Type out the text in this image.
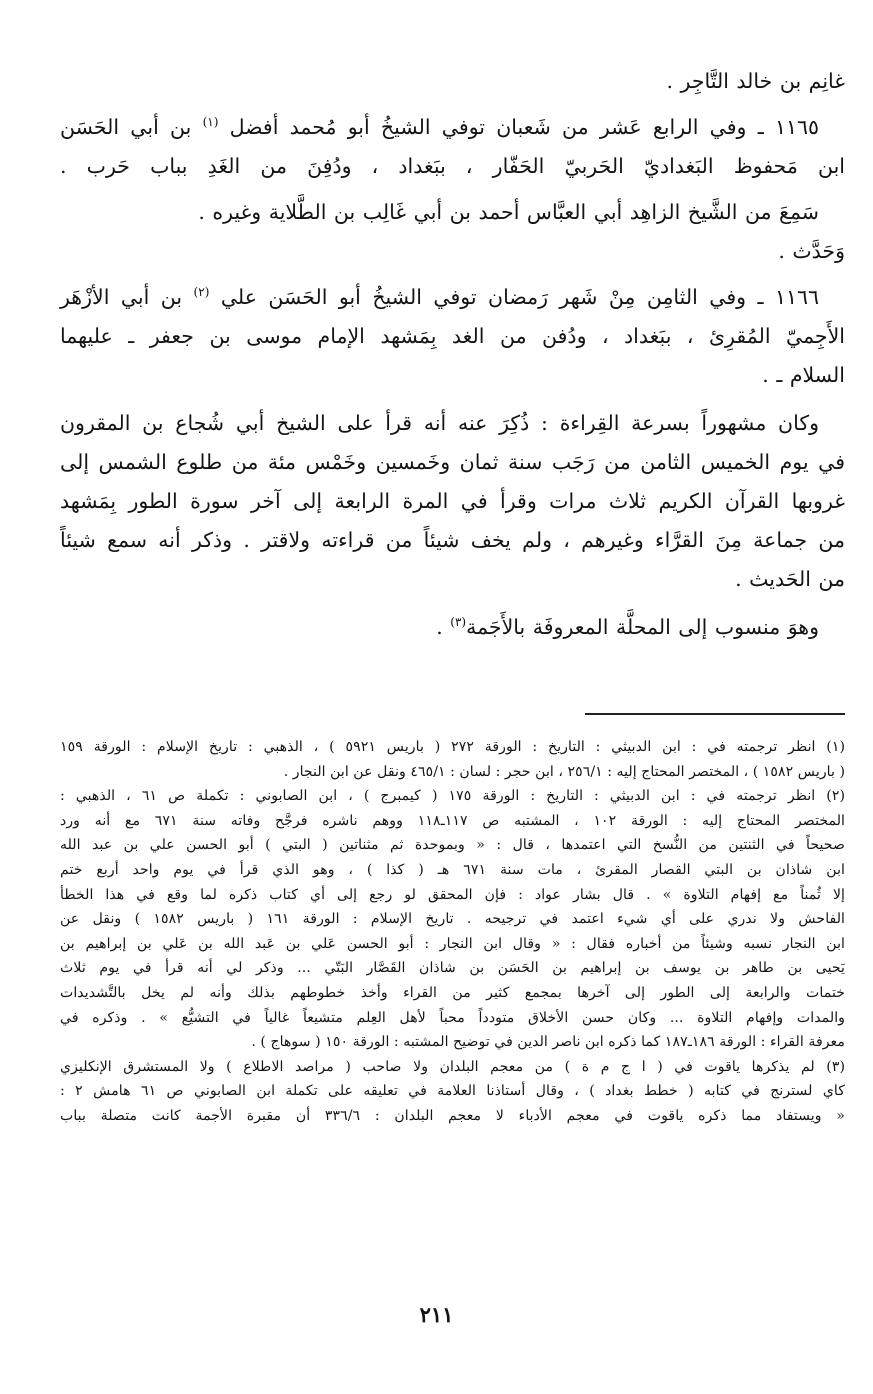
غانِم بن خالد التَّاجِر .
١١٦٥ ـ وفي الرابع عَشر من شَعبان توفي الشيخُ أبو مُحمد أفضل $^{(١)}$ بن أبي الحَسَن
ابن مَحفوظ البَغداديّ الحَربيّ الحَفّار ، ببَغداد ، ودُفِنَ من الغَدِ بباب حَرب .
سَمِعَ من الشَّيخ الزاهِد أبي العبَّاس أحمد بن أبي غَالِب بن الطَّلاية وغيره .
وَحَدَّث .
١١٦٦ ـ وفي الثامِن مِنْ شَهر رَمضان توفي الشيخُ أبو الحَسَن علي $^{(٢)}$ بن أبي الأزْهَر
الأَجِميّ المُقرِئ ، ببَغداد ، ودُفن من الغد بِمَشهد الإمام موسى بن جعفر ـ عليهما
السلام ـ .
وكان مشهوراً بسرعة القِراءة : ذُكِرَ عنه أنه قرأ على الشيخ أبي شُجاع بن المقرون
في يوم الخميس الثامن من رَجَب سنة ثمان وخَمسين وخَمْس مئة من طلوع الشمس إلى
غروبها القرآن الكريم ثلاث مرات وقرأ في المرة الرابعة إلى آخر سورة الطور بِمَشهد
من جماعة مِنَ القرَّاء وغيرهم ، ولم يخف شيئاً من قراءته ولاقتر . وذكر أنه سمع شيئاً
من الحَديث .
وهوَ منسوب إلى المحلَّة المعروفَة بالأَجَمة$^{(٣)}$ .
(١) انظر ترجمته في : ابن الدبيثي : التاريخ : الورقة ٢٧٢ ( باريس ٥٩٢١ ) ، الذهبي : تاريخ الإسلام : الورقة ١٥٩
( باريس ١٥٨٢ ) ، المختصر المحتاج إليه : ٢٥٦/١ ، ابن حجر : لسان : ٤٦٥/١ ونقل عن ابن النجار .
(٢) انظر ترجمته في : ابن الدبيثي : التاريخ : الورقة ١٧٥ ( كيمبرج ) ، ابن الصابوني : تكملة ص ٦١ ، الذهبي :
المختصر المحتاج إليه : الورقة ١٠٢ ، المشتبه ص ١١٧ـ١١٨ ووهم ناشره فرجَّح وفاته سنة ٦٧١ مع أنه ورد
صحيحاً في الثنتين من النُّسخ التي اعتمدها ، قال : « وبموحدة ثم مثناتين ( البتي ) أبو الحسن علي بن عبد الله
ابن شاذان بن البتي القصار المقرئ ، مات سنة ٦٧١ هـ ( كذا ) ، وهو الذي قرأ في يوم واحد أربع ختم
إلا ثُمناً مع إفهام التلاوة » . قال بشار عواد : فإن المحقق لو رجع إلى أي كتاب ذكره لما وقع في هذا الخطأ
الفاحش ولا ندري على أي شيء اعتمد في ترجيحه . تاريخ الإسلام : الورقة ١٦١ ( باريس ١٥٨٢ ) ونقل عن
ابن النجار نسبه وشيئاً من أخباره فقال : « وقال ابن النجار : أبو الحسن عَلي بن عَبد الله بن عَلي بن إبراهيم بن
يَحيى بن طاهر بن يوسف بن إبراهيم بن الحَسَن بن شاذان القَصَّار البَتّي ... وذكر لي أنه قرأ في يوم ثلاث
ختمات والرابعة إلى الطور إلى آخرها بمجمع كثير من القراء وأخذ خطوطهم بذلك وأنه لم يخل بالتَّشديدات
والمدات وإفهام التلاوة ... وكان حسن الأخلاق متودداً محباً لأهل العِلم متشيعاً غالياً في التشيُّع » . وذكره في
معرفة القراء : الورقة ١٨٦ـ١٨٧ كما ذكره ابن ناصر الدين في توضيح المشتبه : الورقة ١٥٠ ( سوهاج ) .
(٣) لم يذكرها ياقوت في ( ا ج م ة ) من معجم البلدان ولا صاحب ( مراصد الاطلاع ) ولا المستشرق الإنكليزي
كاي لسترنج في كتابه ( خطط بغداد ) ، وقال أستاذنا العلامة في تعليقه على تكملة ابن الصابوني ص ٦١ هامش ٢ :
« ويستفاد مما ذكره ياقوت في معجم الأدباء لا معجم البلدان : ٣٣٦/٦ أن مقبرة الأجمة كانت متصلة بباب
٢١١
